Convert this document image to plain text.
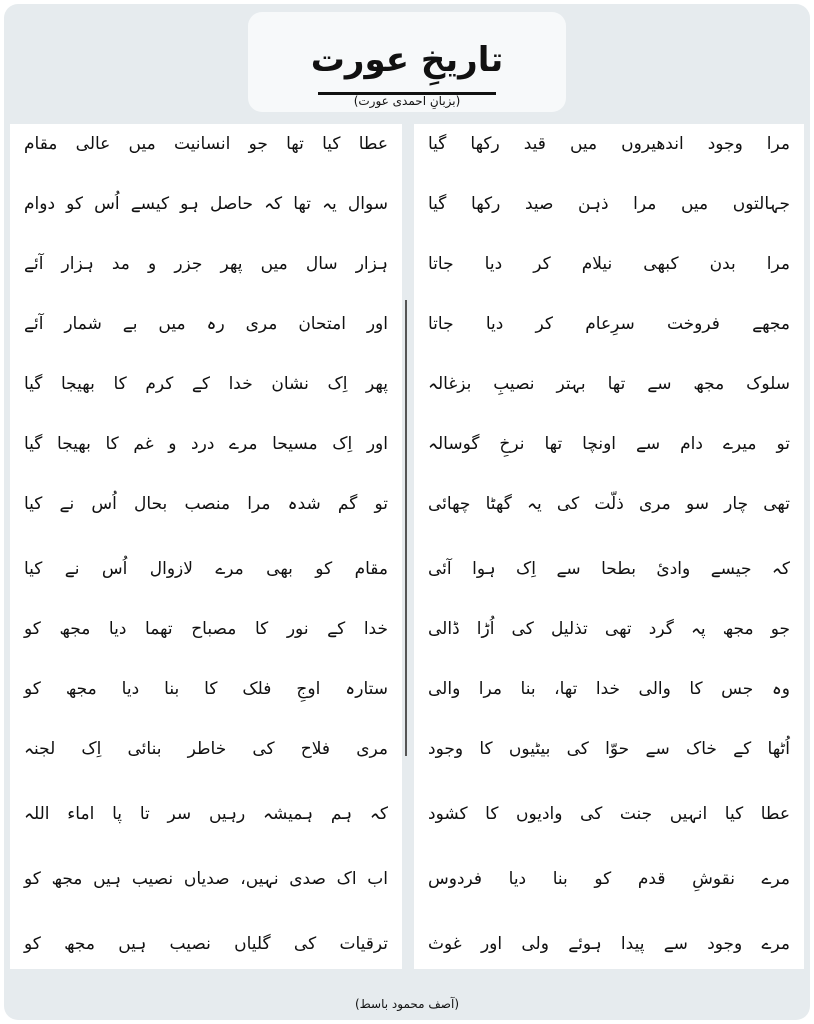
تاریخِ عورت
(بزبانِ احمدی عورت)
مرا وجود اندھیروں میں قید رکھا گیا
جہالتوں میں مرا ذہن صید رکھا گیا
مرا بدن کبھی نیلام کر دیا جاتا
مجھے فروخت سرِعام کر دیا جاتا
سلوک مجھ سے تھا بہتر نصیبِ بزغالہ
تو میرے دام سے اونچا تھا نرخِ گوسالہ
تھی چار سو مری ذلّت کی یہ گھٹا چھائی
کہ جیسے وادیٔ بطحا سے اِک ہوا آئی
جو مجھ پہ گرد تھی تذلیل کی اُڑا ڈالی
وہ جس کا والی خدا تھا، بنا مرا والی
اُٹھا کے خاک سے حوّا کی بیٹیوں کا وجود
عطا کیا انہیں جنت کی وادیوں کا کشود
مرے نقوشِ قدم کو بنا دیا فردوس
مرے وجود سے پیدا ہوئے ولی اور غوث
عطا کیا تھا جو انسانیت میں عالی مقام
سوال یہ تھا کہ حاصل ہو کیسے اُس کو دوام
ہزار سال میں پھر جزر و مد ہزار آئے
اور امتحان مری رہ میں بے شمار آئے
پھر اِک نشان خدا کے کرم کا بھیجا گیا
اور اِک مسیحا مرے درد و غم کا بھیجا گیا
تو گم شدہ مرا منصب بحال اُس نے کیا
مقام کو بھی مرے لازوال اُس نے کیا
خدا کے نور کا مصباح تھما دیا مجھ کو
ستارہ اوجِ فلک کا بنا دیا مجھ کو
مری فلاح کی خاطر بنائی اِک لجنہ
کہ ہم ہمیشہ رہیں سر تا پا اماء اللہ
اب اک صدی نہیں، صدیاں نصیب ہیں مجھ کو
ترقیات کی گلیاں نصیب ہیں مجھ کو
(آصف محمود باسط)
